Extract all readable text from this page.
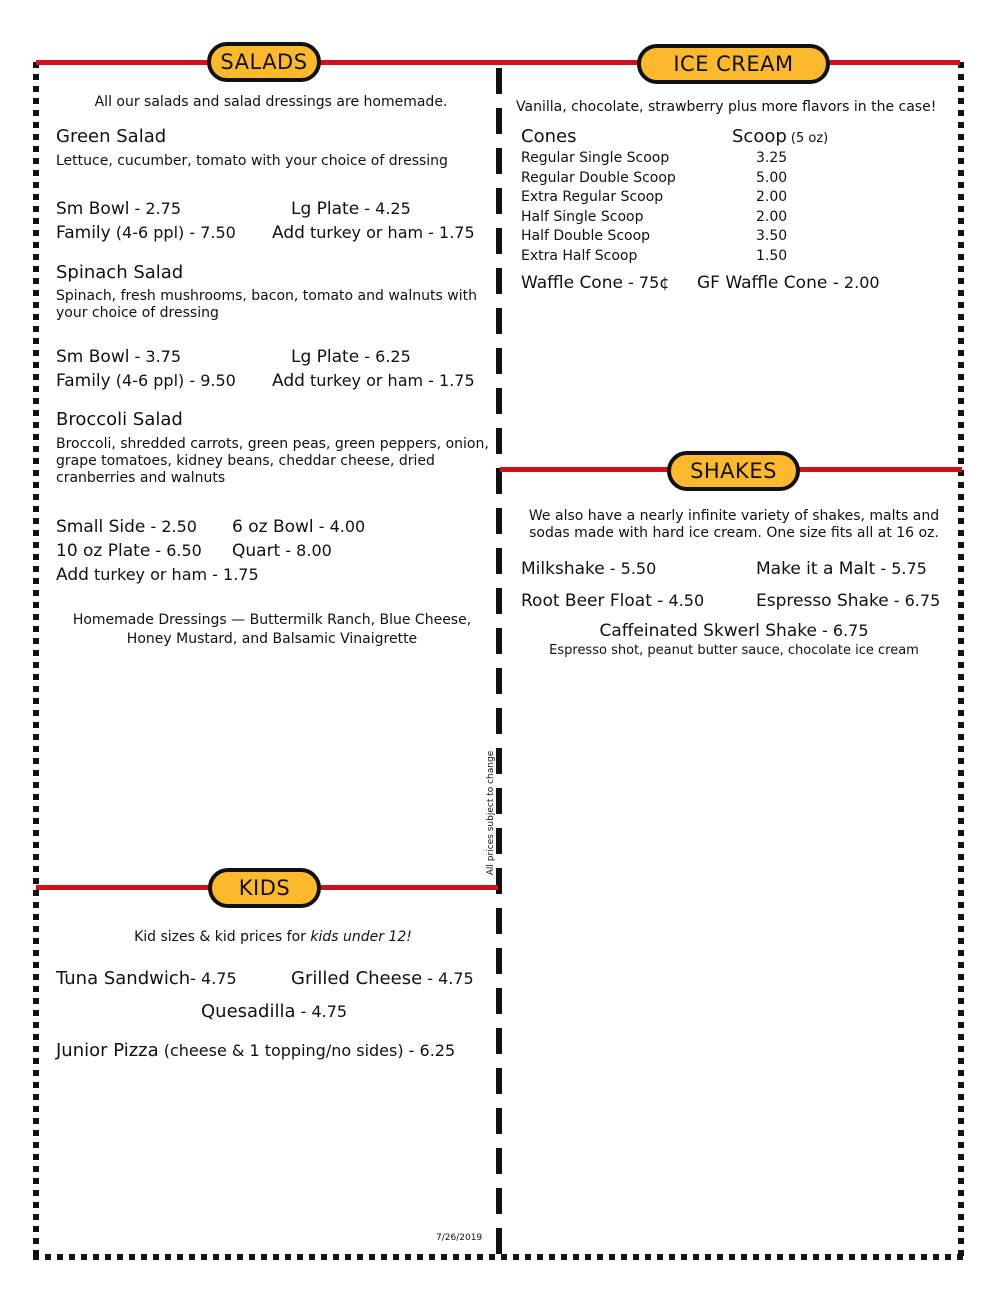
SALADS	ICE CREAM
SHAKES
KIDS
All our salads and salad dressings are homemade.
Green Salad
Lettuce, cucumber, tomato with your choice of dressing
Sm Bowl - 2.75	Lg Plate - 4.25
Family (4-6 ppl) - 7.50 Add turkey or ham - 1.75
Spinach Salad
Spinach, fresh mushrooms, bacon, tomato and walnuts with your choice of dressing
Sm Bowl - 3.75	Lg Plate - 6.25
Family (4-6 ppl) - 9.50 Add turkey or ham - 1.75
Broccoli Salad
Broccoli, shredded carrots, green peas, green peppers, onion, grape tomatoes, kidney beans, cheddar cheese, dried cranberries and walnuts
Small Side - 2.50 6 oz Bowl - 4.00
10 oz Plate - 6.50 Quart - 8.00
Add turkey or ham - 1.75
Homemade Dressings — Buttermilk Ranch, Blue Cheese, Honey Mustard, and Balsamic Vinaigrette
Vanilla, chocolate, strawberry plus more flavors in the case!
Cones	Scoop (5 oz)
Regular Single Scoop	3.25
Regular Double Scoop	5.00
Extra Regular Scoop	2.00
Half Single Scoop	2.00
Half Double Scoop	3.50
Extra Half Scoop	1.50
Waffle Cone - 75¢ GF Waffle Cone - 2.00
We also have a nearly infinite variety of shakes, malts and sodas made with hard ice cream. One size fits all at 16 oz.
Milkshake - 5.50	Make it a Malt - 5.75
Root Beer Float - 4.50	Espresso Shake - 6.75
Caffeinated Skwerl Shake - 6.75
Espresso shot, peanut butter sauce, chocolate ice cream
Kid sizes & kid prices for kids under 12!
Tuna Sandwich- 4.75	Grilled Cheese - 4.75
Quesadilla - 4.75
Junior Pizza (cheese & 1 topping/no sides) - 6.25
All prices subject to change
7/26/2019
